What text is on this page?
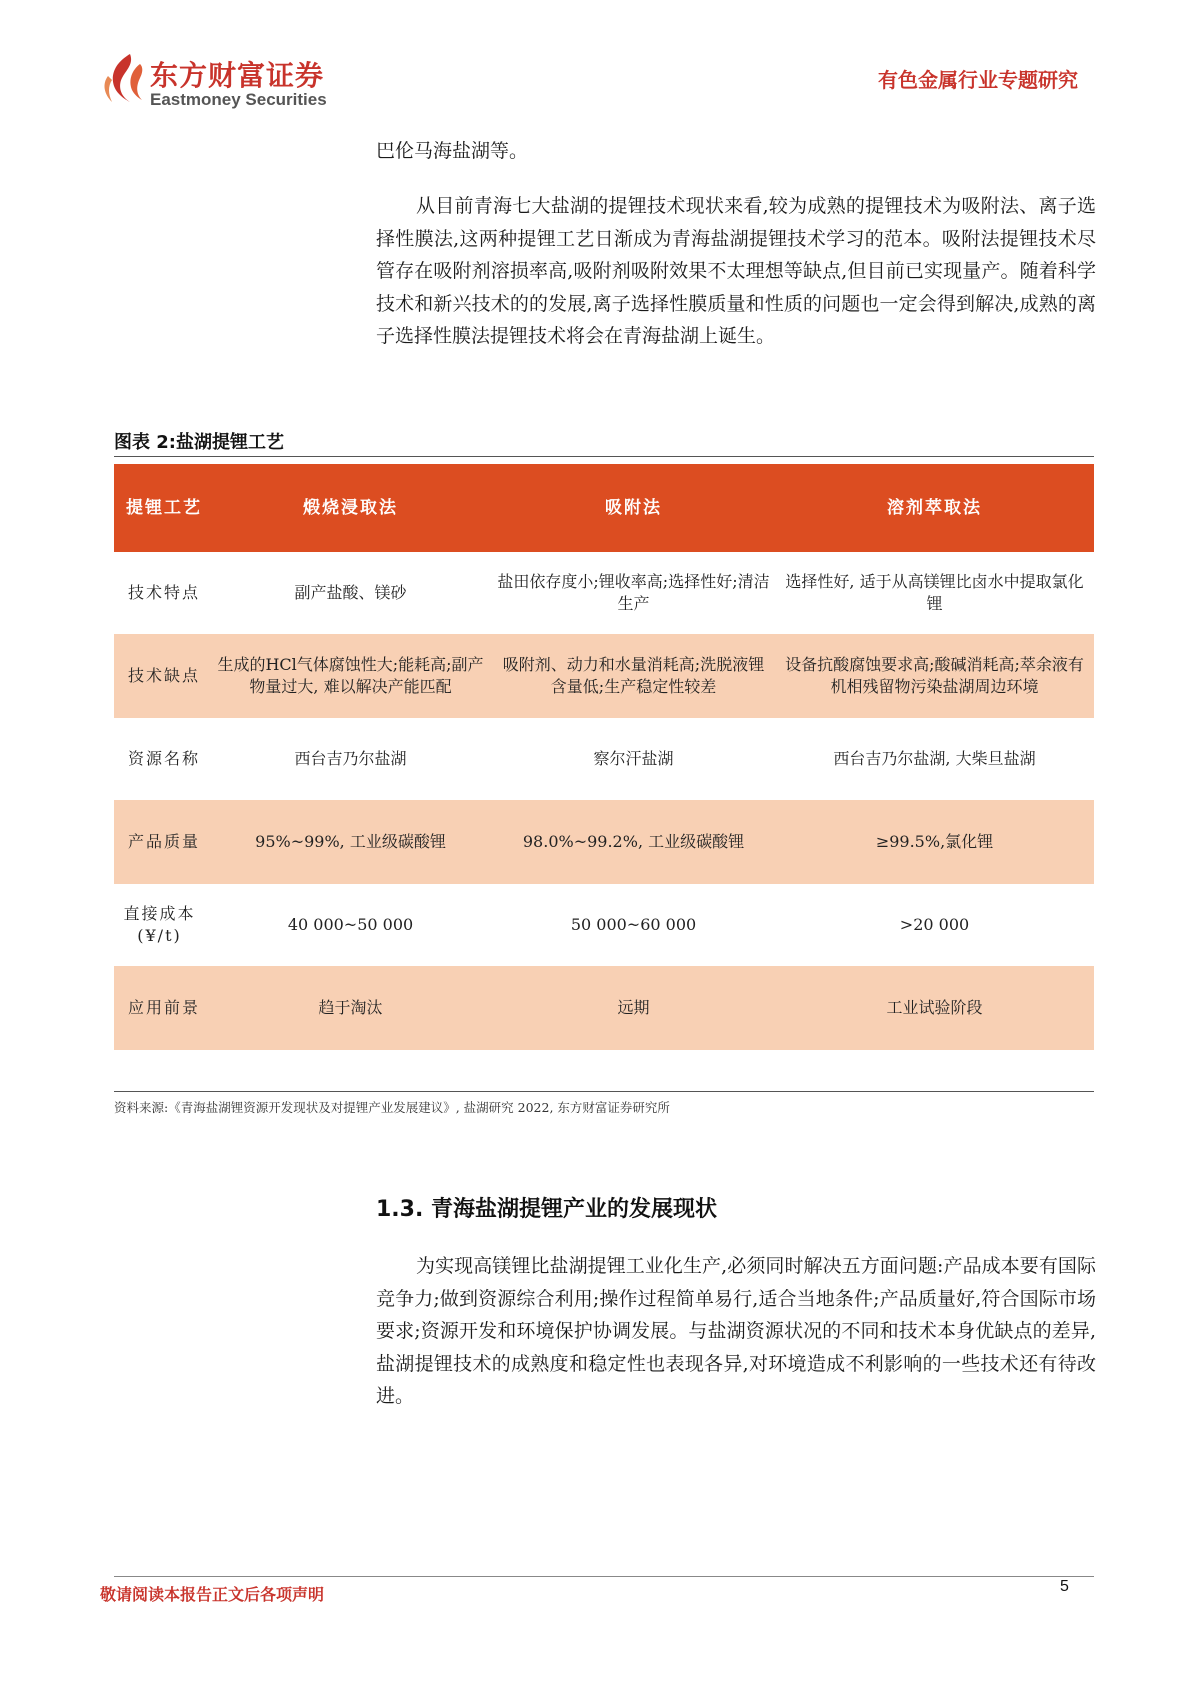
东方财富证券
Eastmoney Securities
有色金属行业专题研究

巴伦马海盐湖等。

从目前青海七大盐湖的提锂技术现状来看,较为成熟的提锂技术为吸附法、离子选择性膜法,这两种提锂工艺日渐成为青海盐湖提锂技术学习的范本。吸附法提锂技术尽管存在吸附剂溶损率高,吸附剂吸附效果不太理想等缺点,但目前已实现量产。随着科学技术和新兴技术的的发展,离子选择性膜质量和性质的问题也一定会得到解决,成熟的离子选择性膜法提锂技术将会在青海盐湖上诞生。

图表 2:盐湖提锂工艺
提锂工艺	煅烧浸取法	吸附法	溶剂萃取法
技术特点	副产盐酸、镁砂	盐田依存度小;锂收率高;选择性好;清洁生产	选择性好, 适于从高镁锂比卤水中提取氯化锂
技术缺点	生成的HCl气体腐蚀性大;能耗高;副产物量过大, 难以解决产能匹配	吸附剂、动力和水量消耗高;洗脱液锂含量低;生产稳定性较差	设备抗酸腐蚀要求高;酸碱消耗高;萃余液有机相残留物污染盐湖周边环境
资源名称	西台吉乃尔盐湖	察尔汗盐湖	西台吉乃尔盐湖, 大柴旦盐湖
产品质量	95%~99%, 工业级碳酸锂	98.0%~99.2%, 工业级碳酸锂	≥99.5%,氯化锂

直接成本
(¥/t)	40 000~50 000	50 000~60 000	>20 000
应用前景	趋于淘汰	远期	工业试验阶段
资料来源:《青海盐湖锂资源开发现状及对提锂产业发展建议》, 盐湖研究 2022, 东方财富证券研究所
1.3. 青海盐湖提锂产业的发展现状

为实现高镁锂比盐湖提锂工业化生产,必须同时解决五方面问题:产品成本要有国际竞争力;做到资源综合利用;操作过程简单易行,适合当地条件;产品质量好,符合国际市场要求;资源开发和环境保护协调发展。与盐湖资源状况的不同和技术本身优缺点的差异,盐湖提锂技术的成熟度和稳定性也表现各异,对环境造成不利影响的一些技术还有待改进。

敬请阅读本报告正文后各项声明	5
